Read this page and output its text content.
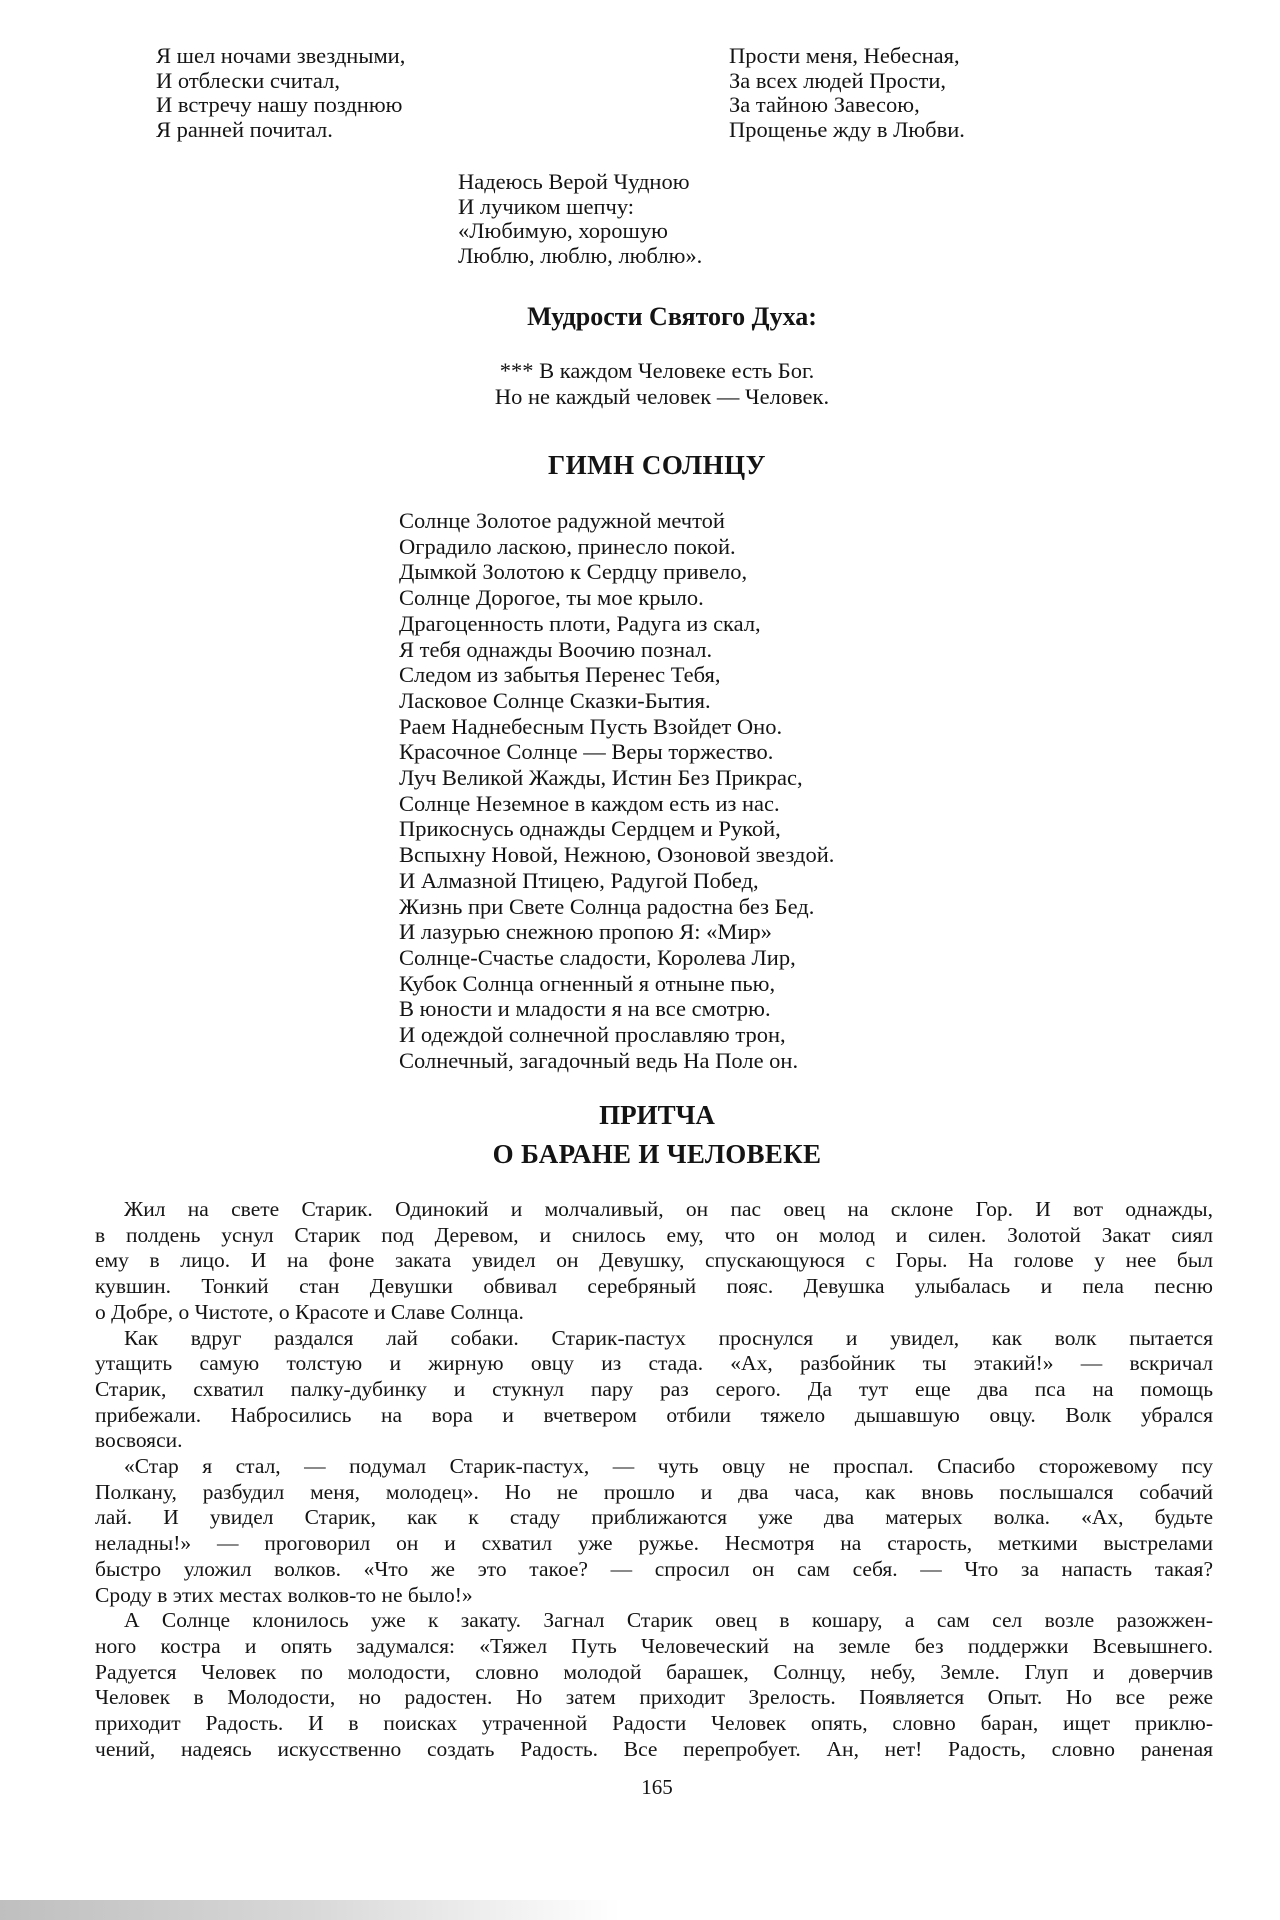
Я шел ночами звездными,
И отблески считал,
И встречу нашу позднюю
Я ранней почитал.
Прости меня, Небесная,
За всех людей Прости,
За тайною Завесою,
Прощенье жду в Любви.
Надеюсь Верой Чудною
И лучиком шепчу:
«Любимую, хорошую
Люблю, люблю, люблю».
Мудрости Святого Духа:
*** В каждом Человеке есть Бог.
Но не каждый человек — Человек.
ГИМН СОЛНЦУ
Солнце Золотое радужной мечтой
Оградило ласкою, принесло покой.
Дымкой Золотою к Сердцу привело,
Солнце Дорогое, ты мое крыло.
Драгоценность плоти, Радуга из скал,
Я тебя однажды Воочию познал.
Следом из забытья Перенес Тебя,
Ласковое Солнце Сказки-Бытия.
Раем Наднебесным Пусть Взойдет Оно.
Красочное Солнце — Веры торжество.
Луч Великой Жажды, Истин Без Прикрас,
Солнце Неземное в каждом есть из нас.
Прикоснусь однажды Сердцем и Рукой,
Вспыхну Новой, Нежною, Озоновой звездой.
И Алмазной Птицею, Радугой Побед,
Жизнь при Свете Солнца радостна без Бед.
И лазурью снежною пропою Я: «Мир»
Солнце-Счастье сладости, Королева Лир,
Кубок Солнца огненный я отныне пью,
В юности и младости я на все смотрю.
И одеждой солнечной прославляю трон,
Солнечный, загадочный ведь На Поле он.
ПРИТЧА
О БАРАНЕ И ЧЕЛОВЕКЕ
Жил на свете Старик. Одинокий и молчаливый, он пас овец на склоне Гор. И вот однажды,
в полдень уснул Старик под Деревом, и снилось ему, что он молод и силен. Золотой Закат сиял
ему в лицо. И на фоне заката увидел он Девушку, спускающуюся с Горы. На голове у нее был
кувшин. Тонкий стан Девушки обвивал серебряный пояс. Девушка улыбалась и пела песню
о Добре, о Чистоте, о Красоте и Славе Солнца.
Как вдруг раздался лай собаки. Старик-пастух проснулся и увидел, как волк пытается
утащить самую толстую и жирную овцу из стада. «Ах, разбойник ты этакий!» — вскричал
Старик, схватил палку-дубинку и стукнул пару раз серого. Да тут еще два пса на помощь
прибежали. Набросились на вора и вчетвером отбили тяжело дышавшую овцу. Волк убрался
восвояси.
«Стар я стал, — подумал Старик-пастух, — чуть овцу не проспал. Спасибо сторожевому псу
Полкану, разбудил меня, молодец». Но не прошло и два часа, как вновь послышался собачий
лай. И увидел Старик, как к стаду приближаются уже два матерых волка. «Ах, будьте
неладны!» — проговорил он и схватил уже ружье. Несмотря на старость, меткими выстрелами
быстро уложил волков. «Что же это такое? — спросил он сам себя. — Что за напасть такая?
Сроду в этих местах волков-то не было!»
А Солнце клонилось уже к закату. Загнал Старик овец в кошару, а сам сел возле разожжен-
ного костра и опять задумался: «Тяжел Путь Человеческий на земле без поддержки Всевышнего.
Радуется Человек по молодости, словно молодой барашек, Солнцу, небу, Земле. Глуп и доверчив
Человек в Молодости, но радостен. Но затем приходит Зрелость. Появляется Опыт. Но все реже
приходит Радость. И в поисках утраченной Радости Человек опять, словно баран, ищет приклю-
чений, надеясь искусственно создать Радость. Все перепробует. Ан, нет! Радость, словно раненая
165
